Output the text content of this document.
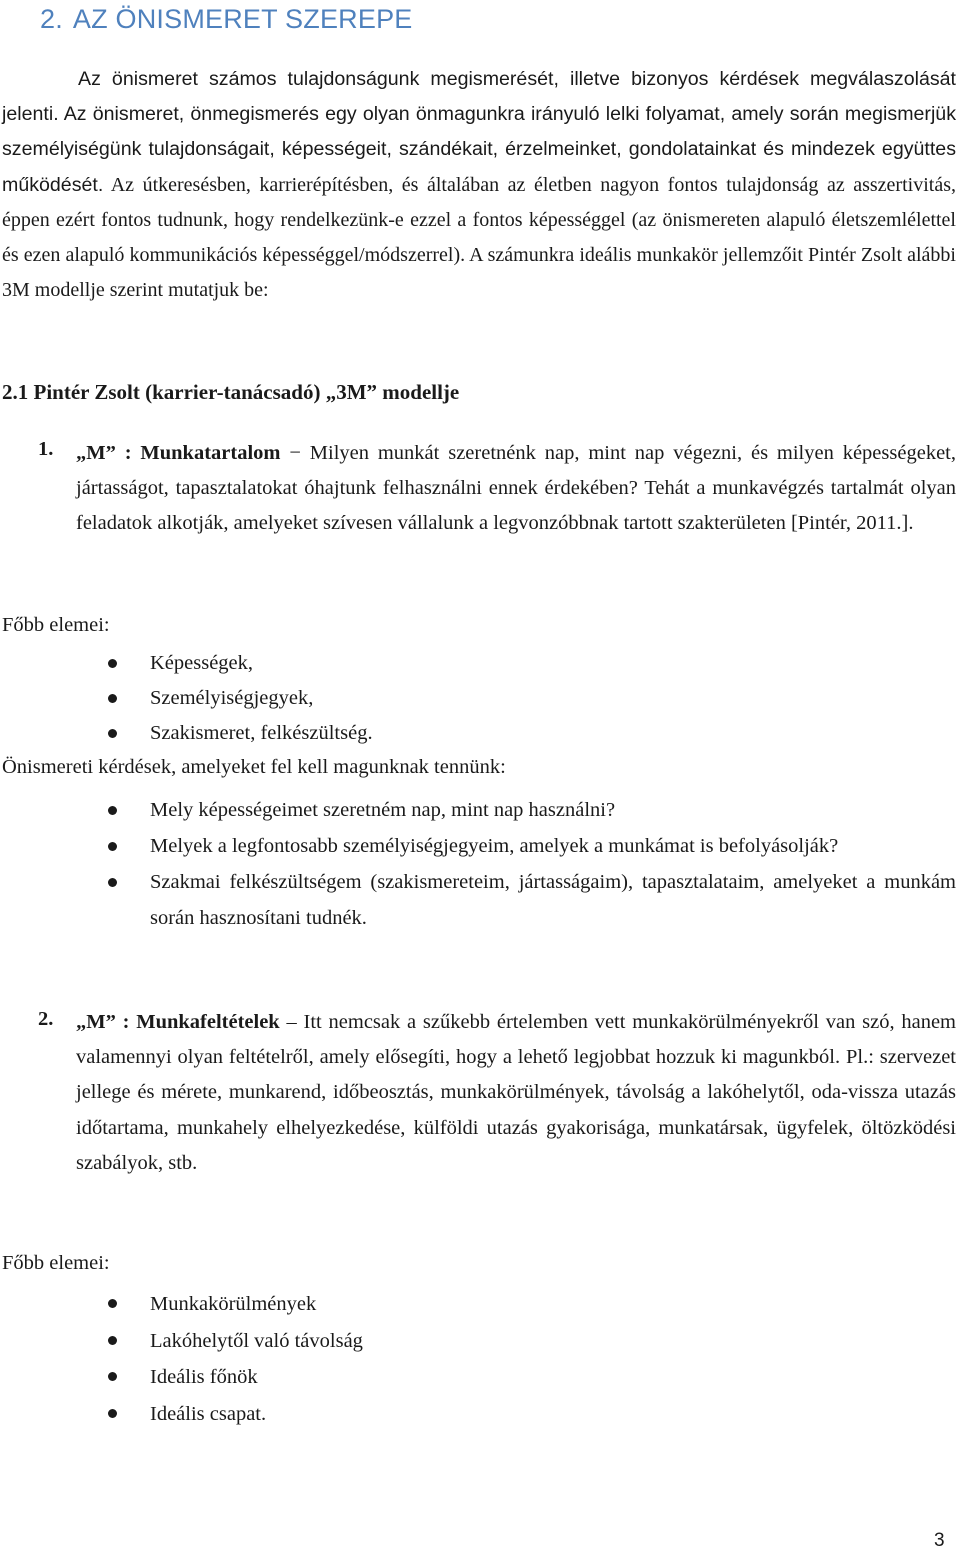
2. AZ ÖNISMERET SZEREPE
Az önismeret számos tulajdonságunk megismerését, illetve bizonyos kérdések megválaszolását jelenti. Az önismeret, önmegismerés egy olyan önmagunkra irányuló lelki folyamat, amely során megismerjük személyiségünk tulajdonságait, képességeit, szándékait, érzelmeinket, gondolatainkat és mindezek együttes működését. Az útkeresésben, karrierépítésben, és általában az életben nagyon fontos tulajdonság az asszertivitás, éppen ezért fontos tudnunk, hogy rendelkezünk-e ezzel a fontos képességgel (az önismereten alapuló életszemlélettel és ezen alapuló kommunikációs képességgel/módszerrel). A számunkra ideális munkakör jellemzőit Pintér Zsolt alábbi 3M modellje szerint mutatjuk be:
2.1 Pintér Zsolt (karrier-tanácsadó) „3M” modellje
1. „M” : Munkatartalom − Milyen munkát szeretnénk nap, mint nap végezni, és milyen képességeket, jártasságot, tapasztalatokat óhajtunk felhasználni ennek érdekében? Tehát a munkavégzés tartalmát olyan feladatok alkotják, amelyeket szívesen vállalunk a legvonzóbbnak tartott szakterületen [Pintér, 2011.].
Főbb elemei:
Képességek,
Személyiségjegyek,
Szakismeret, felkészültség.
Önismereti kérdések, amelyeket fel kell magunknak tennünk:
Mely képességeimet szeretném nap, mint nap használni?
Melyek a legfontosabb személyiségjegyeim, amelyek a munkámat is befolyásolják?
Szakmai felkészültségem (szakismereteim, jártasságaim), tapasztalataim, amelyeket a munkám során hasznosítani tudnék.
2. „M” : Munkafeltételek – Itt nemcsak a szűkebb értelemben vett munkakörülményekről van szó, hanem valamennyi olyan feltételről, amely elősegíti, hogy a lehető legjobbat hozzuk ki magunkból. Pl.: szervezet jellege és mérete, munkarend, időbeosztás, munkakörülmények, távolság a lakóhelytől, oda-vissza utazás időtartama, munkahely elhelyezkedése, külföldi utazás gyakorisága, munkatársak, ügyfelek, öltözködési szabályok, stb.
Főbb elemei:
Munkakörülmények
Lakóhelytől való távolság
Ideális főnök
Ideális csapat.
3
